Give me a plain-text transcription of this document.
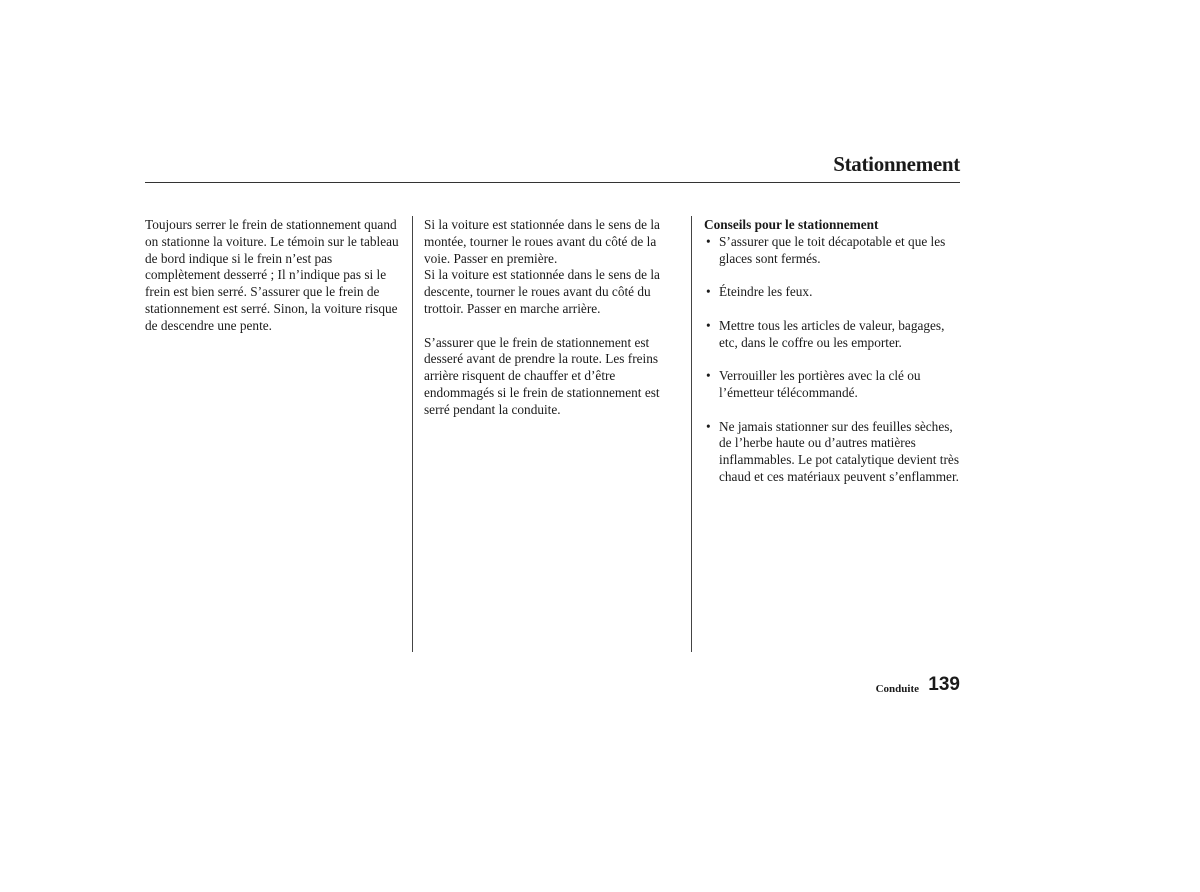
Stationnement

Toujours serrer le frein de stationnement quand on stationne la voiture. Le témoin sur le tableau de bord indique si le frein n’est pas complètement desserré ; Il n’indique pas si le frein est bien serré. S’assurer que le frein de stationnement est serré. Sinon, la voiture risque de descendre une pente.

Si la voiture est stationnée dans le sens de la montée, tourner le roues avant du côté de la voie. Passer en première.

Si la voiture est stationnée dans le sens de la descente, tourner le roues avant du côté du trottoir. Passer en marche arrière.

S’assurer que le frein de stationnement est desseré avant de prendre la route. Les freins arrière risquent de chauffer et d’être endommagés si le frein de stationnement est serré pendant la conduite.

Conseils pour le stationnement

• S’assurer que le toit décapotable et que les glaces sont fermés.
• Éteindre les feux.
• Mettre tous les articles de valeur, bagages, etc, dans le coffre ou les emporter.
• Verrouiller les portières avec la clé ou l’émetteur télécommandé.
• Ne jamais stationner sur des feuilles sèches, de l’herbe haute ou d’autres matières inflammables. Le pot catalytique devient très chaud et ces matériaux peuvent s’enflammer.
Conduite 139
